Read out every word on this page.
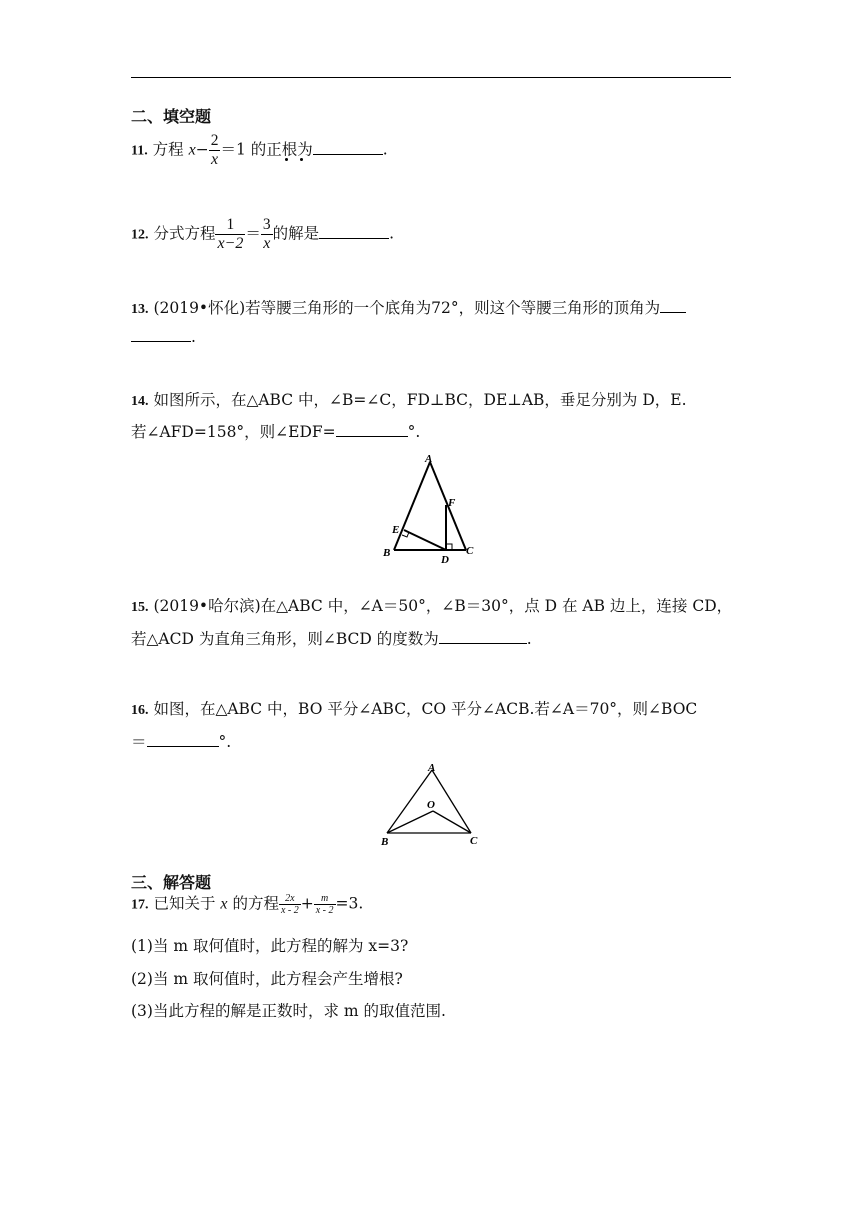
二、填空题
11. 方程 $x- \frac{2}{x} =1$ 的正根为	.
12. 分式方程 $\frac{1}{x-2} = \frac{3}{x}$ 的解是	.
13. (2019•怀化)若等腰三角形的一个底角为72°，则这个等腰三角形的顶角为
.
14. 如图所示，在△ABC 中，∠B=∠C，FD⊥BC，DE⊥AB，垂足分别为 D，E.
若∠AFD=158°，则∠EDF=	°.
A
B	C
D
E
F
15. (2019•哈尔滨)在△ABC 中，∠A＝50°，∠B＝30°，点 D 在 AB 边上，连接 CD，
若△ACD 为直角三角形，则∠BCD 的度数为	.
16. 如图，在△ABC 中，BO 平分∠ABC，CO 平分∠ACB.若∠A＝70°，则∠BOC
＝	°.
A
B	C
O
三、解答题
17. 已知关于 x 的方程 $\frac{2x}{x - 2} + \frac{m}{x - 2} =3$.
(1)当 m 取何值时，此方程的解为 x=3?
(2)当 m 取何值时，此方程会产生增根?
(3)当此方程的解是正数时，求 m 的取值范围.
